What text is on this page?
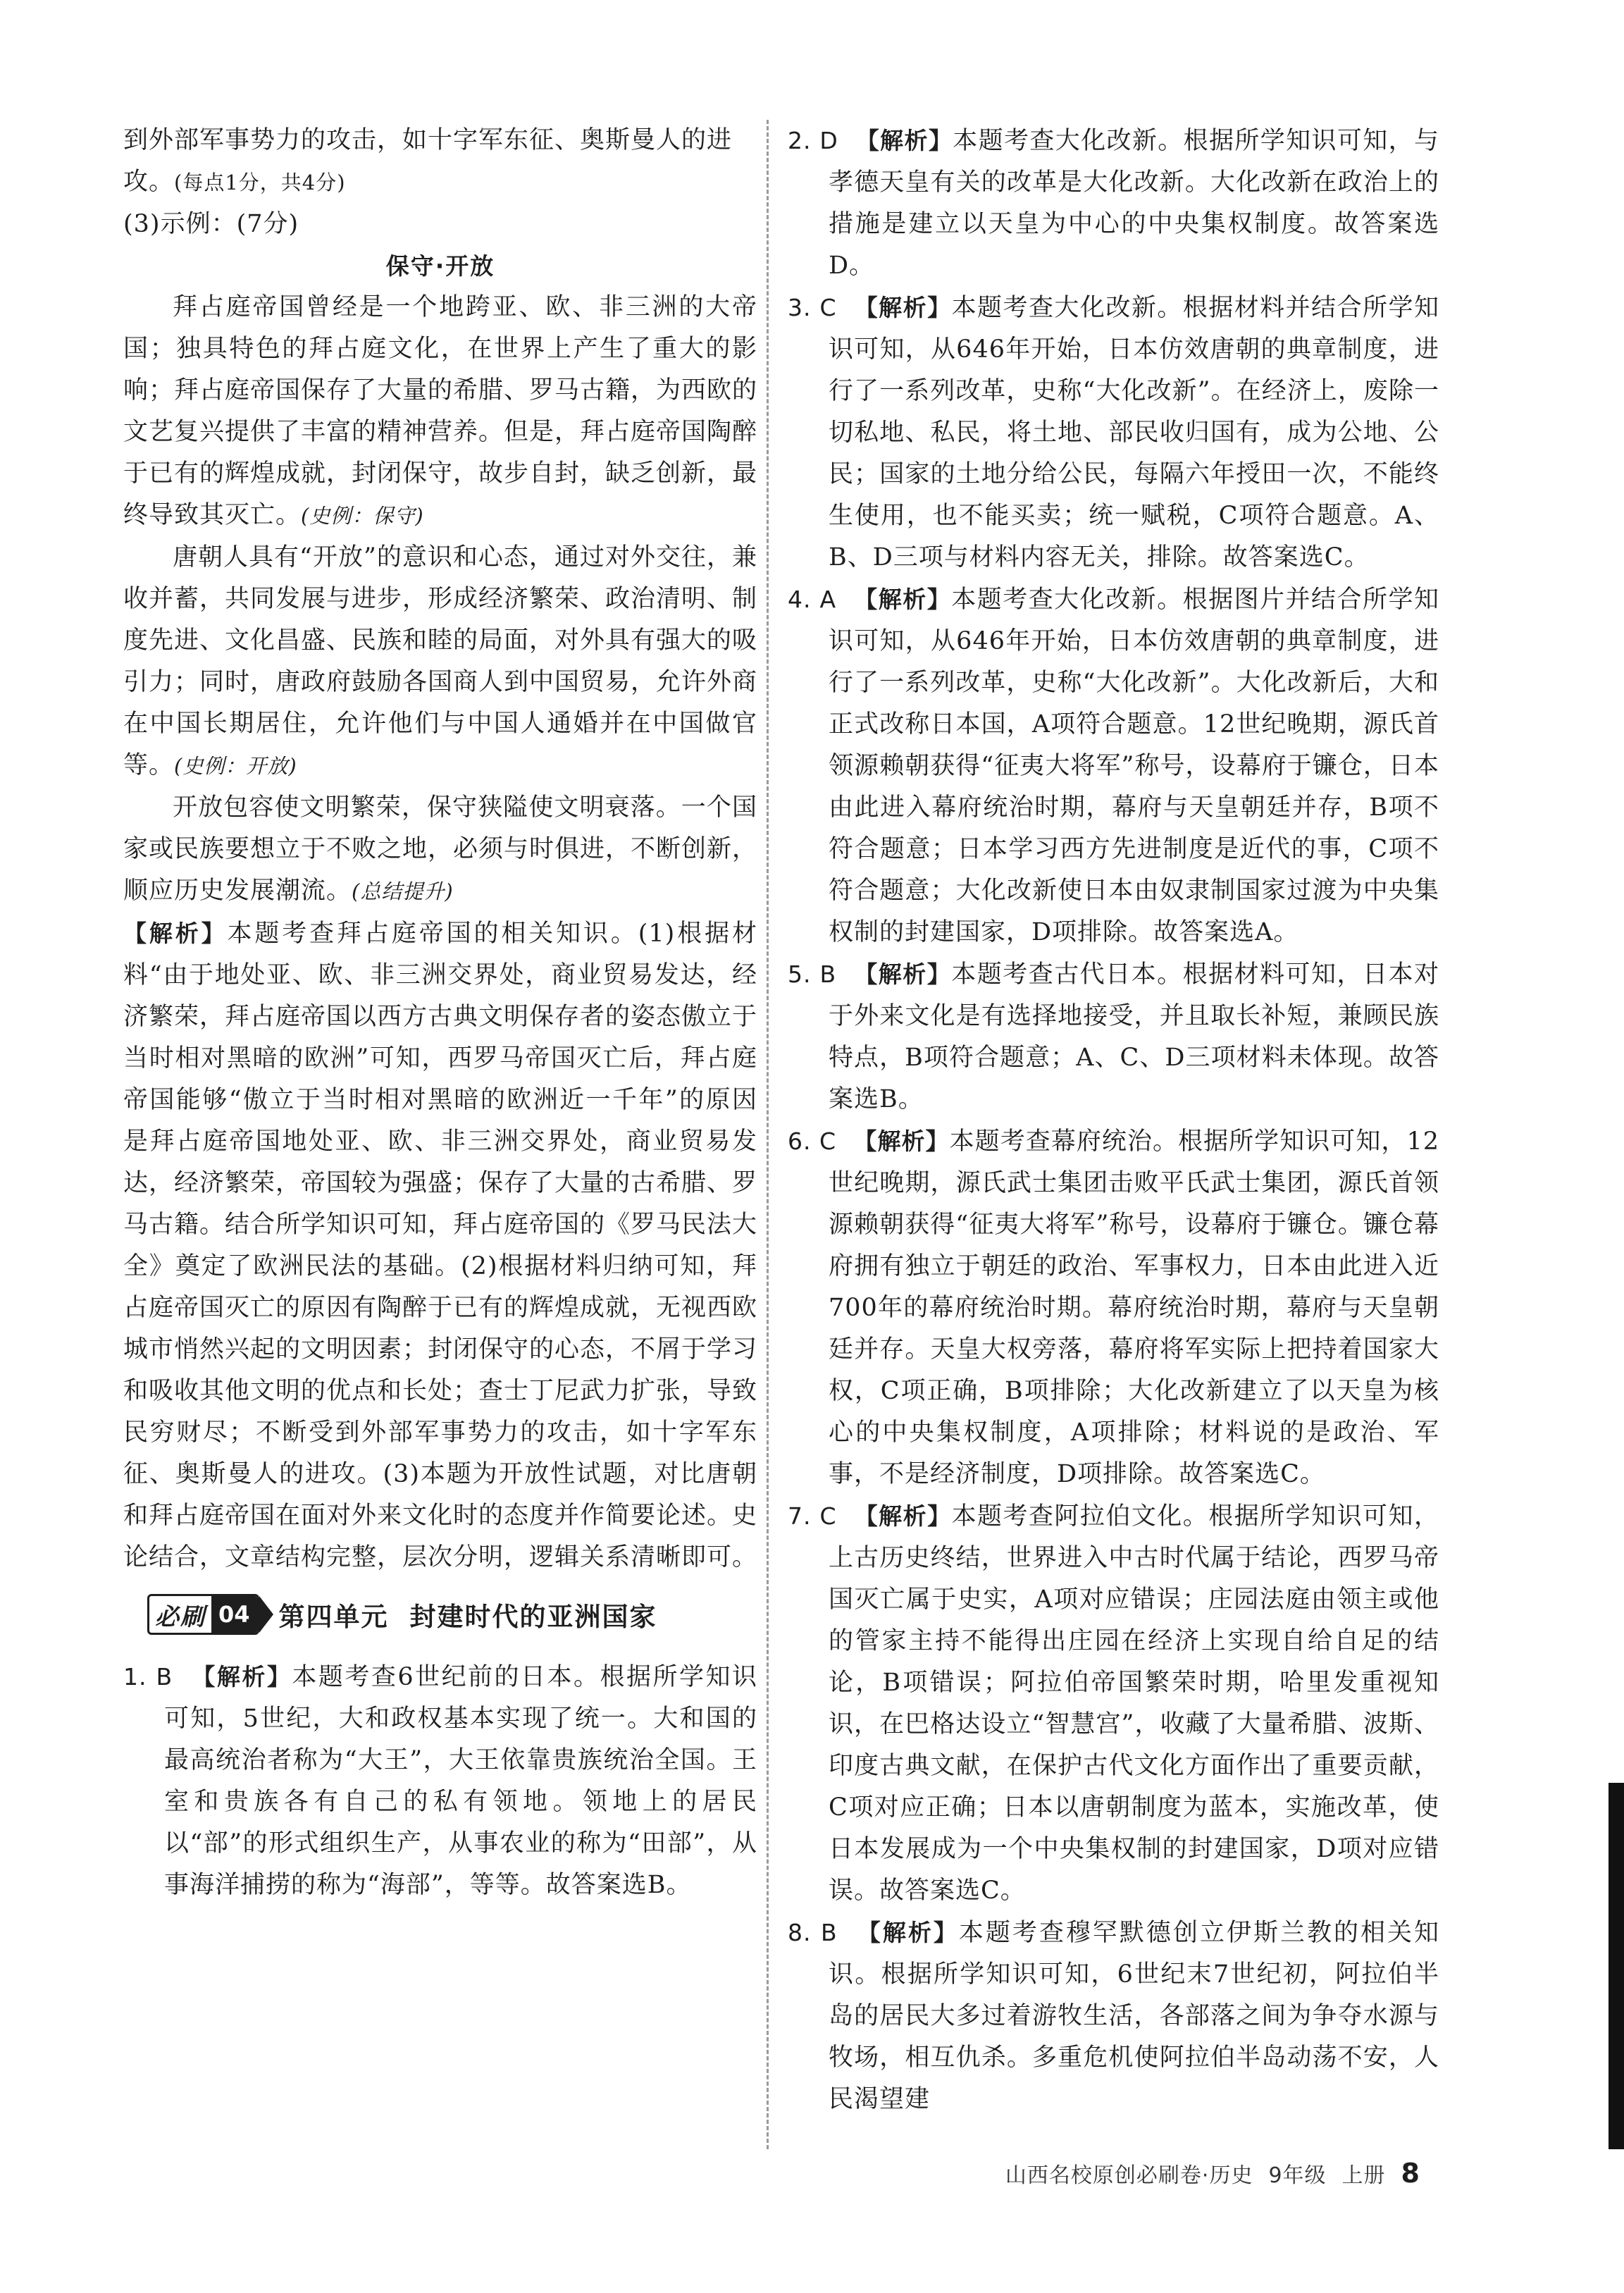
到外部军事势力的攻击，如十字军东征、奥斯曼人的进

攻。(每点1分，共4分)

(3)示例：(7分)

保守·开放

拜占庭帝国曾经是一个地跨亚、欧、非三洲的大帝国；独具特色的拜占庭文化，在世界上产生了重大的影响；拜占庭帝国保存了大量的希腊、罗马古籍，为西欧的文艺复兴提供了丰富的精神营养。但是，拜占庭帝国陶醉于已有的辉煌成就，封闭保守，故步自封，缺乏创新，最终导致其灭亡。(史例：保守)

唐朝人具有“开放”的意识和心态，通过对外交往，兼收并蓄，共同发展与进步，形成经济繁荣、政治清明、制度先进、文化昌盛、民族和睦的局面，对外具有强大的吸引力；同时，唐政府鼓励各国商人到中国贸易，允许外商在中国长期居住，允许他们与中国人通婚并在中国做官等。(史例：开放)

开放包容使文明繁荣，保守狭隘使文明衰落。一个国家或民族要想立于不败之地，必须与时俱进，不断创新，顺应历史发展潮流。(总结提升)

【解析】本题考查拜占庭帝国的相关知识。(1)根据材料“由于地处亚、欧、非三洲交界处，商业贸易发达，经济繁荣，拜占庭帝国以西方古典文明保存者的姿态傲立于当时相对黑暗的欧洲”可知，西罗马帝国灭亡后，拜占庭帝国能够“傲立于当时相对黑暗的欧洲近一千年”的原因是拜占庭帝国地处亚、欧、非三洲交界处，商业贸易发达，经济繁荣，帝国较为强盛；保存了大量的古希腊、罗马古籍。结合所学知识可知，拜占庭帝国的《罗马民法大全》奠定了欧洲民法的基础。(2)根据材料归纳可知，拜占庭帝国灭亡的原因有陶醉于已有的辉煌成就，无视西欧城市悄然兴起的文明因素；封闭保守的心态，不屑于学习和吸收其他文明的优点和长处；查士丁尼武力扩张，导致民穷财尽；不断受到外部军事势力的攻击，如十字军东征、奥斯曼人的进攻。(3)本题为开放性试题，对比唐朝和拜占庭帝国在面对外来文化时的态度并作简要论述。史论结合，文章结构完整，层次分明，逻辑关系清晰即可。

必刷 04 第四单元 封建时代的亚洲国家

1. B 【解析】本题考查6世纪前的日本。根据所学知识可知，5世纪，大和政权基本实现了统一。大和国的最高统治者称为“大王”，大王依靠贵族统治全国。王室和贵族各有自己的私有领地。领地上的居民以“部”的形式组织生产，从事农业的称为“田部”，从事海洋捕捞的称为“海部”，等等。故答案选B。

2. D 【解析】本题考查大化改新。根据所学知识可知，与孝德天皇有关的改革是大化改新。大化改新在政治上的措施是建立以天皇为中心的中央集权制度。故答案选D。

3. C 【解析】本题考查大化改新。根据材料并结合所学知识可知，从646年开始，日本仿效唐朝的典章制度，进行了一系列改革，史称“大化改新”。在经济上，废除一切私地、私民，将土地、部民收归国有，成为公地、公民；国家的土地分给公民，每隔六年授田一次，不能终生使用，也不能买卖；统一赋税，C项符合题意。A、B、D三项与材料内容无关，排除。故答案选C。

4. A 【解析】本题考查大化改新。根据图片并结合所学知识可知，从646年开始，日本仿效唐朝的典章制度，进行了一系列改革，史称“大化改新”。大化改新后，大和正式改称日本国，A项符合题意。12世纪晚期，源氏首领源赖朝获得“征夷大将军”称号，设幕府于镰仓，日本由此进入幕府统治时期，幕府与天皇朝廷并存，B项不符合题意；日本学习西方先进制度是近代的事，C项不符合题意；大化改新使日本由奴隶制国家过渡为中央集权制的封建国家，D项排除。故答案选A。

5. B 【解析】本题考查古代日本。根据材料可知，日本对于外来文化是有选择地接受，并且取长补短，兼顾民族特点，B项符合题意；A、C、D三项材料未体现。故答案选B。

6. C 【解析】本题考查幕府统治。根据所学知识可知，12世纪晚期，源氏武士集团击败平氏武士集团，源氏首领源赖朝获得“征夷大将军”称号，设幕府于镰仓。镰仓幕府拥有独立于朝廷的政治、军事权力，日本由此进入近700年的幕府统治时期。幕府统治时期，幕府与天皇朝廷并存。天皇大权旁落，幕府将军实际上把持着国家大权，C项正确，B项排除；大化改新建立了以天皇为核心的中央集权制度，A项排除；材料说的是政治、军事，不是经济制度，D项排除。故答案选C。

7. C 【解析】本题考查阿拉伯文化。根据所学知识可知，上古历史终结，世界进入中古时代属于结论，西罗马帝国灭亡属于史实，A项对应错误；庄园法庭由领主或他的管家主持不能得出庄园在经济上实现自给自足的结论，B项错误；阿拉伯帝国繁荣时期，哈里发重视知识，在巴格达设立“智慧宫”，收藏了大量希腊、波斯、印度古典文献，在保护古代文化方面作出了重要贡献，C项对应正确；日本以唐朝制度为蓝本，实施改革，使日本发展成为一个中央集权制的封建国家，D项对应错误。故答案选C。

8. B 【解析】本题考查穆罕默德创立伊斯兰教的相关知识。根据所学知识可知，6世纪末7世纪初，阿拉伯半岛的居民大多过着游牧生活，各部落之间为争夺水源与牧场，相互仇杀。多重危机使阿拉伯半岛动荡不安，人民渴望建

山西名校原创必刷卷·历史 9年级 上册 8
